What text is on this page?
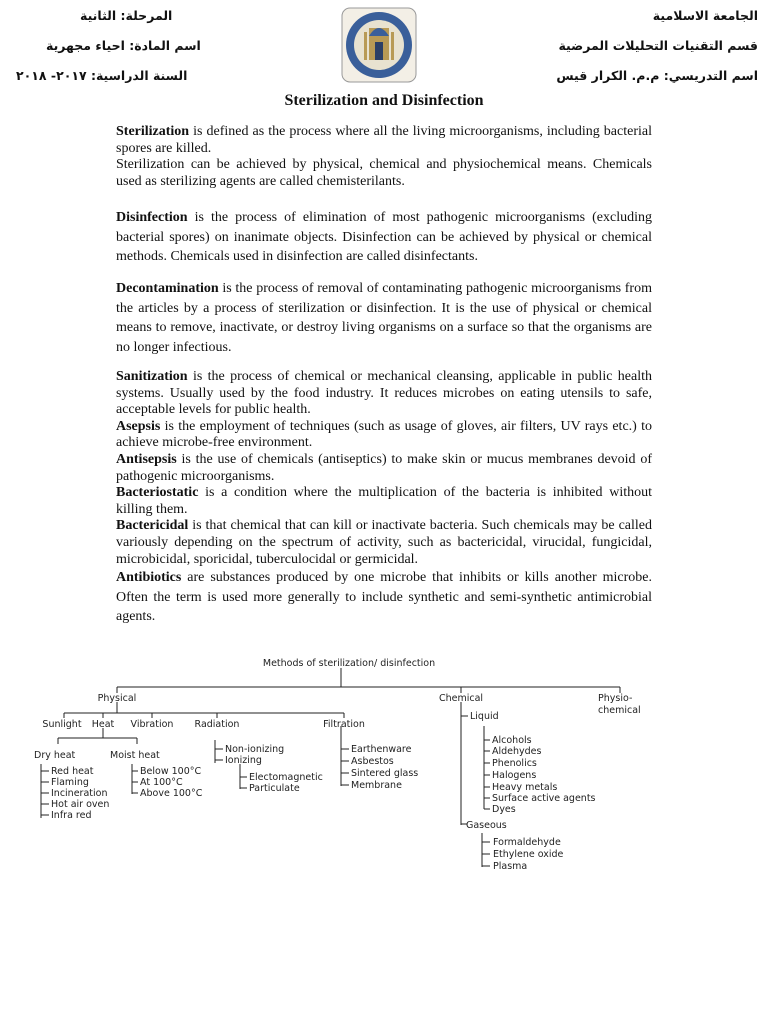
الجامعة الاسلامية
قسم التقنيات التحليلات المرضية
اسم التدريسي: م.م. الكرار قيس
المرحلة: الثانية
اسم المادة: احياء مجهرية
السنة الدراسية: ٢٠١٧- ٢٠١٨
Sterilization and Disinfection

Sterilization is defined as the process where all the living microorganisms, including bacterial spores are killed.

Sterilization can be achieved by physical, chemical and physiochemical means. Chemicals used as sterilizing agents are called chemisterilants.

Disinfection is the process of elimination of most pathogenic microorganisms (excluding bacterial spores) on inanimate objects. Disinfection can be achieved by physical or chemical methods. Chemicals used in disinfection are called disinfectants.

Decontamination is the process of removal of contaminating pathogenic microorganisms from the articles by a process of sterilization or disinfection. It is the use of physical or chemical means to remove, inactivate, or destroy living organisms on a surface so that the organisms are no longer infectious.

Sanitization is the process of chemical or mechanical cleansing, applicable in public health systems. Usually used by the food industry. It reduces microbes on eating utensils to safe, acceptable levels for public health.

Asepsis is the employment of techniques (such as usage of gloves, air filters, UV rays etc.) to achieve microbe-free environment.

Antisepsis is the use of chemicals (antiseptics) to make skin or mucus membranes devoid of pathogenic microorganisms.

Bacteriostatic is a condition where the multiplication of the bacteria is inhibited without killing them.

Bactericidal is that chemical that can kill or inactivate bacteria. Such chemicals may be called variously depending on the spectrum of activity, such as bactericidal, virucidal, fungicidal, microbicidal, sporicidal, tuberculocidal or germicidal.

Antibiotics are substances produced by one microbe that inhibits or kills another microbe. Often the term is used more generally to include synthetic and semi-synthetic antimicrobial agents.

Methods of sterilization/ disinfection
Physical	Chemical	Physio-
chemical
Sunlight Heat Vibration Radiation	Filtration
Dry heat	Moist heat
Red heat
Flaming
Incineration
Hot air oven
Infra red
Below 100°C
At 100°C
Above 100°C
Non-ionizing
Ionizing
Electomagnetic
Particulate
Earthenware
Asbestos
Sintered glass
Membrane
Liquid
Alcohols
Aldehydes
Phenolics
Halogens
Heavy metals
Surface active agents
Dyes
Gaseous
Formaldehyde
Ethylene oxide
Plasma
